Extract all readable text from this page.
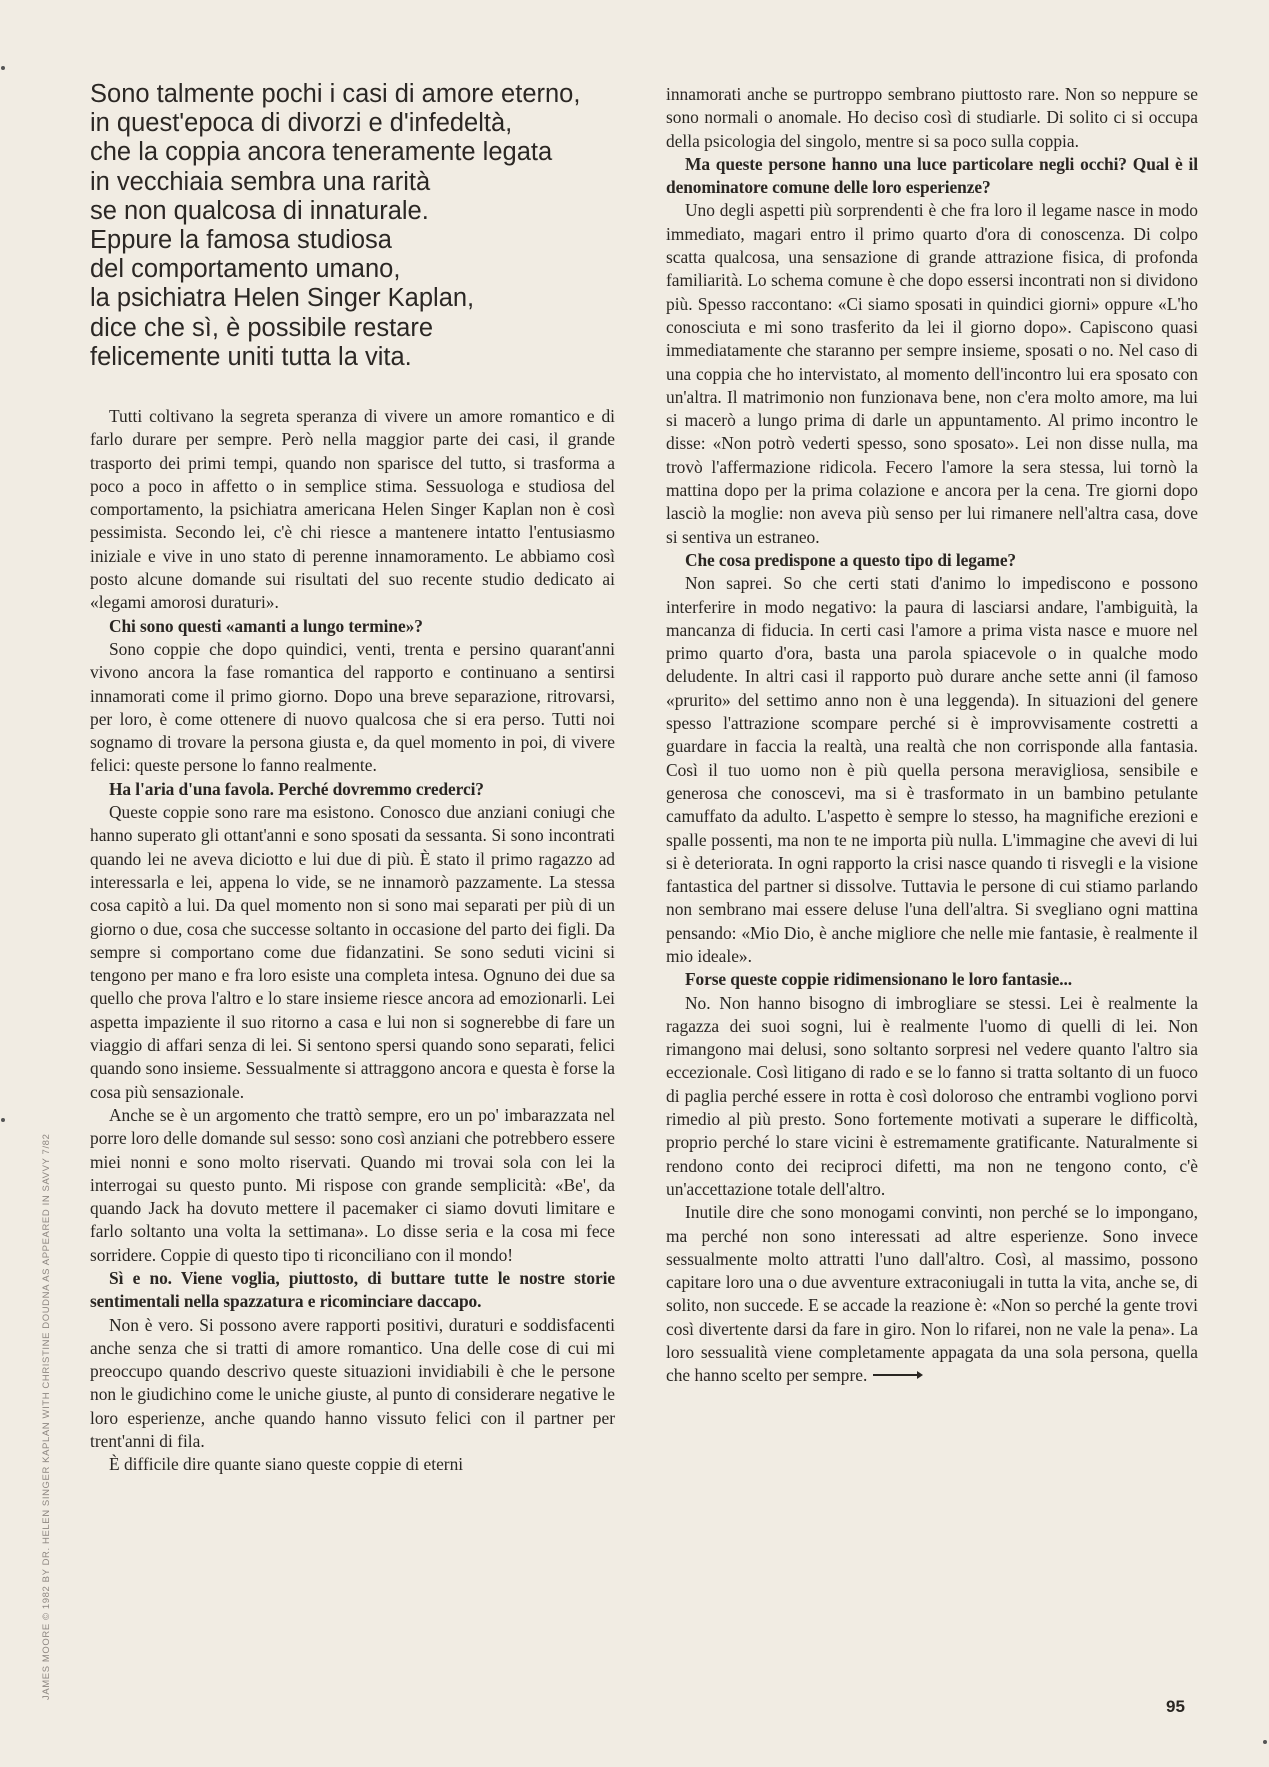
Sono talmente pochi i casi di amore eterno,
in quest'epoca di divorzi e d'infedeltà,
che la coppia ancora teneramente legata
in vecchiaia sembra una rarità
se non qualcosa di innaturale.
Eppure la famosa studiosa
del comportamento umano,
la psichiatra Helen Singer Kaplan,
dice che sì, è possibile restare
felicemente uniti tutta la vita.

Tutti coltivano la segreta speranza di vivere un amore romantico e di farlo durare per sempre. Però nella maggior parte dei casi, il grande trasporto dei primi tempi, quando non sparisce del tutto, si trasforma a poco a poco in affetto o in semplice stima. Sessuologa e studiosa del comportamento, la psichiatra americana Helen Singer Kaplan non è così pessimista. Secondo lei, c'è chi riesce a mantenere intatto l'entusiasmo iniziale e vive in uno stato di perenne innamoramento. Le abbiamo così posto alcune domande sui risultati del suo recente studio dedicato ai «legami amorosi duraturi».

Chi sono questi «amanti a lungo termine»?

Sono coppie che dopo quindici, venti, trenta e persino quarant'anni vivono ancora la fase romantica del rapporto e continuano a sentirsi innamorati come il primo giorno. Dopo una breve separazione, ritrovarsi, per loro, è come ottenere di nuovo qualcosa che si era perso. Tutti noi sognamo di trovare la persona giusta e, da quel momento in poi, di vivere felici: queste persone lo fanno realmente.

Ha l'aria d'una favola. Perché dovremmo crederci?

Queste coppie sono rare ma esistono. Conosco due anziani coniugi che hanno superato gli ottant'anni e sono sposati da sessanta. Si sono incontrati quando lei ne aveva diciotto e lui due di più. È stato il primo ragazzo ad interessarla e lei, appena lo vide, se ne innamorò pazzamente. La stessa cosa capitò a lui. Da quel momento non si sono mai separati per più di un giorno o due, cosa che successe soltanto in occasione del parto dei figli. Da sempre si comportano come due fidanzatini. Se sono seduti vicini si tengono per mano e fra loro esiste una completa intesa. Ognuno dei due sa quello che prova l'altro e lo stare insieme riesce ancora ad emozionarli. Lei aspetta impaziente il suo ritorno a casa e lui non si sognerebbe di fare un viaggio di affari senza di lei. Si sentono spersi quando sono separati, felici quando sono insieme. Sessualmente si attraggono ancora e questa è forse la cosa più sensazionale.

Anche se è un argomento che trattò sempre, ero un po' imbarazzata nel porre loro delle domande sul sesso: sono così anziani che potrebbero essere miei nonni e sono molto riservati. Quando mi trovai sola con lei la interrogai su questo punto. Mi rispose con grande semplicità: «Be', da quando Jack ha dovuto mettere il pacemaker ci siamo dovuti limitare e farlo soltanto una volta la settimana». Lo disse seria e la cosa mi fece sorridere. Coppie di questo tipo ti riconciliano con il mondo!

Sì e no. Viene voglia, piuttosto, di buttare tutte le nostre storie sentimentali nella spazzatura e ricominciare daccapo.

Non è vero. Si possono avere rapporti positivi, duraturi e soddisfacenti anche senza che si tratti di amore romantico. Una delle cose di cui mi preoccupo quando descrivo queste situazioni invidiabili è che le persone non le giudichino come le uniche giuste, al punto di considerare negative le loro esperienze, anche quando hanno vissuto felici con il partner per trent'anni di fila.

È difficile dire quante siano queste coppie di eterni

innamorati anche se purtroppo sembrano piuttosto rare. Non so neppure se sono normali o anomale. Ho deciso così di studiarle. Di solito ci si occupa della psicologia del singolo, mentre si sa poco sulla coppia.

Ma queste persone hanno una luce particolare negli occhi? Qual è il denominatore comune delle loro esperienze?

Uno degli aspetti più sorprendenti è che fra loro il legame nasce in modo immediato, magari entro il primo quarto d'ora di conoscenza. Di colpo scatta qualcosa, una sensazione di grande attrazione fisica, di profonda familiarità. Lo schema comune è che dopo essersi incontrati non si dividono più. Spesso raccontano: «Ci siamo sposati in quindici giorni» oppure «L'ho conosciuta e mi sono trasferito da lei il giorno dopo». Capiscono quasi immediatamente che staranno per sempre insieme, sposati o no. Nel caso di una coppia che ho intervistato, al momento dell'incontro lui era sposato con un'altra. Il matrimonio non funzionava bene, non c'era molto amore, ma lui si macerò a lungo prima di darle un appuntamento. Al primo incontro le disse: «Non potrò vederti spesso, sono sposato». Lei non disse nulla, ma trovò l'affermazione ridicola. Fecero l'amore la sera stessa, lui tornò la mattina dopo per la prima colazione e ancora per la cena. Tre giorni dopo lasciò la moglie: non aveva più senso per lui rimanere nell'altra casa, dove si sentiva un estraneo.

Che cosa predispone a questo tipo di legame?

Non saprei. So che certi stati d'animo lo impediscono e possono interferire in modo negativo: la paura di lasciarsi andare, l'ambiguità, la mancanza di fiducia. In certi casi l'amore a prima vista nasce e muore nel primo quarto d'ora, basta una parola spiacevole o in qualche modo deludente. In altri casi il rapporto può durare anche sette anni (il famoso «prurito» del settimo anno non è una leggenda). In situazioni del genere spesso l'attrazione scompare perché si è improvvisamente costretti a guardare in faccia la realtà, una realtà che non corrisponde alla fantasia. Così il tuo uomo non è più quella persona meravigliosa, sensibile e generosa che conoscevi, ma si è trasformato in un bambino petulante camuffato da adulto. L'aspetto è sempre lo stesso, ha magnifiche erezioni e spalle possenti, ma non te ne importa più nulla. L'immagine che avevi di lui si è deteriorata. In ogni rapporto la crisi nasce quando ti risvegli e la visione fantastica del partner si dissolve. Tuttavia le persone di cui stiamo parlando non sembrano mai essere deluse l'una dell'altra. Si svegliano ogni mattina pensando: «Mio Dio, è anche migliore che nelle mie fantasie, è realmente il mio ideale».

Forse queste coppie ridimensionano le loro fantasie...

No. Non hanno bisogno di imbrogliare se stessi. Lei è realmente la ragazza dei suoi sogni, lui è realmente l'uomo di quelli di lei. Non rimangono mai delusi, sono soltanto sorpresi nel vedere quanto l'altro sia eccezionale. Così litigano di rado e se lo fanno si tratta soltanto di un fuoco di paglia perché essere in rotta è così doloroso che entrambi vogliono porvi rimedio al più presto. Sono fortemente motivati a superare le difficoltà, proprio perché lo stare vicini è estremamente gratificante. Naturalmente si rendono conto dei reciproci difetti, ma non ne tengono conto, c'è un'accettazione totale dell'altro.

Inutile dire che sono monogami convinti, non perché se lo impongano, ma perché non sono interessati ad altre esperienze. Sono invece sessualmente molto attratti l'uno dall'altro. Così, al massimo, possono capitare loro una o due avventure extraconiugali in tutta la vita, anche se, di solito, non succede. E se accade la reazione è: «Non so perché la gente trovi così divertente darsi da fare in giro. Non lo rifarei, non ne vale la pena». La loro sessualità viene completamente appagata da una sola persona, quella che hanno scelto per sempre.

95
JAMES MOORE © 1982 BY DR. HELEN SINGER KAPLAN WITH CHRISTINE DOUDNA AS APPEARED IN SAVVY 7/82
